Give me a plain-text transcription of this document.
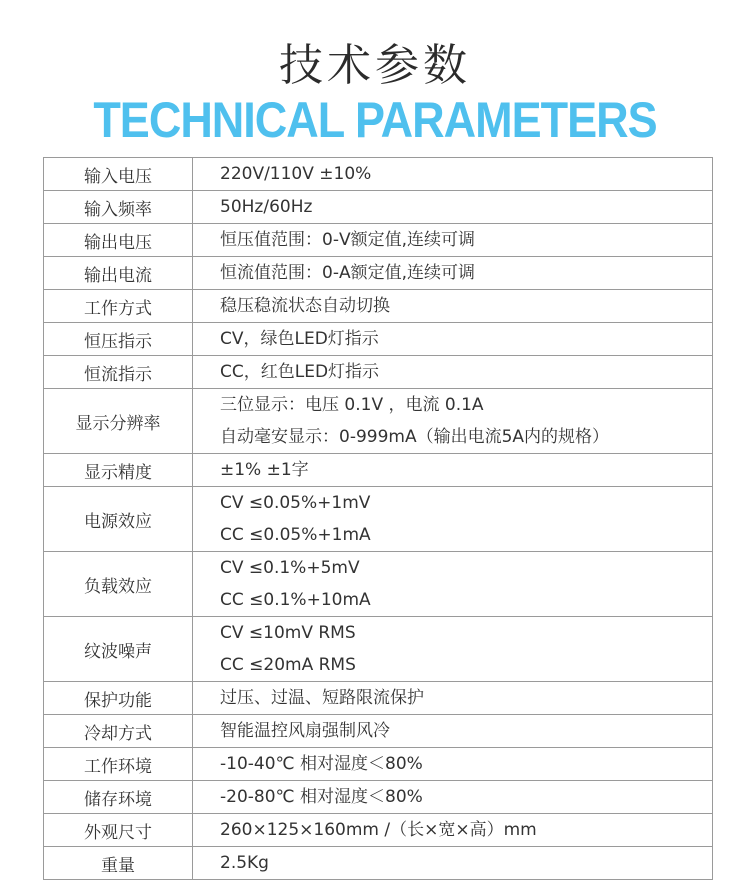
技术参数
TECHNICAL PARAMETERS
输入电压	220V/110V ±10%

输入频率	50Hz/60Hz

输出电压	恒压值范围：0-V额定值,连续可调

输出电流	恒流值范围：0-A额定值,连续可调

工作方式	稳压稳流状态自动切换

恒压指示	CV，绿色LED灯指示

恒流指示	CC，红色LED灯指示

显示分辨率	三位显示：电压 0.1V ，电流 0.1A
自动毫安显示：0-999mA（输出电流5A内的规格）

显示精度	±1% ±1字

电源效应	CV ≤0.05%+1mV
CC ≤0.05%+1mA

负载效应	CV ≤0.1%+5mV
CC ≤0.1%+10mA

纹波噪声	CV ≤10mV RMS
CC ≤20mA RMS

保护功能	过压、过温、短路限流保护

冷却方式	智能温控风扇强制风冷

工作环境	-10-40℃ 相对湿度＜80%

储存环境	-20-80℃ 相对湿度＜80%

外观尺寸	260×125×160mm /（长×宽×高）mm

重量	2.5Kg
